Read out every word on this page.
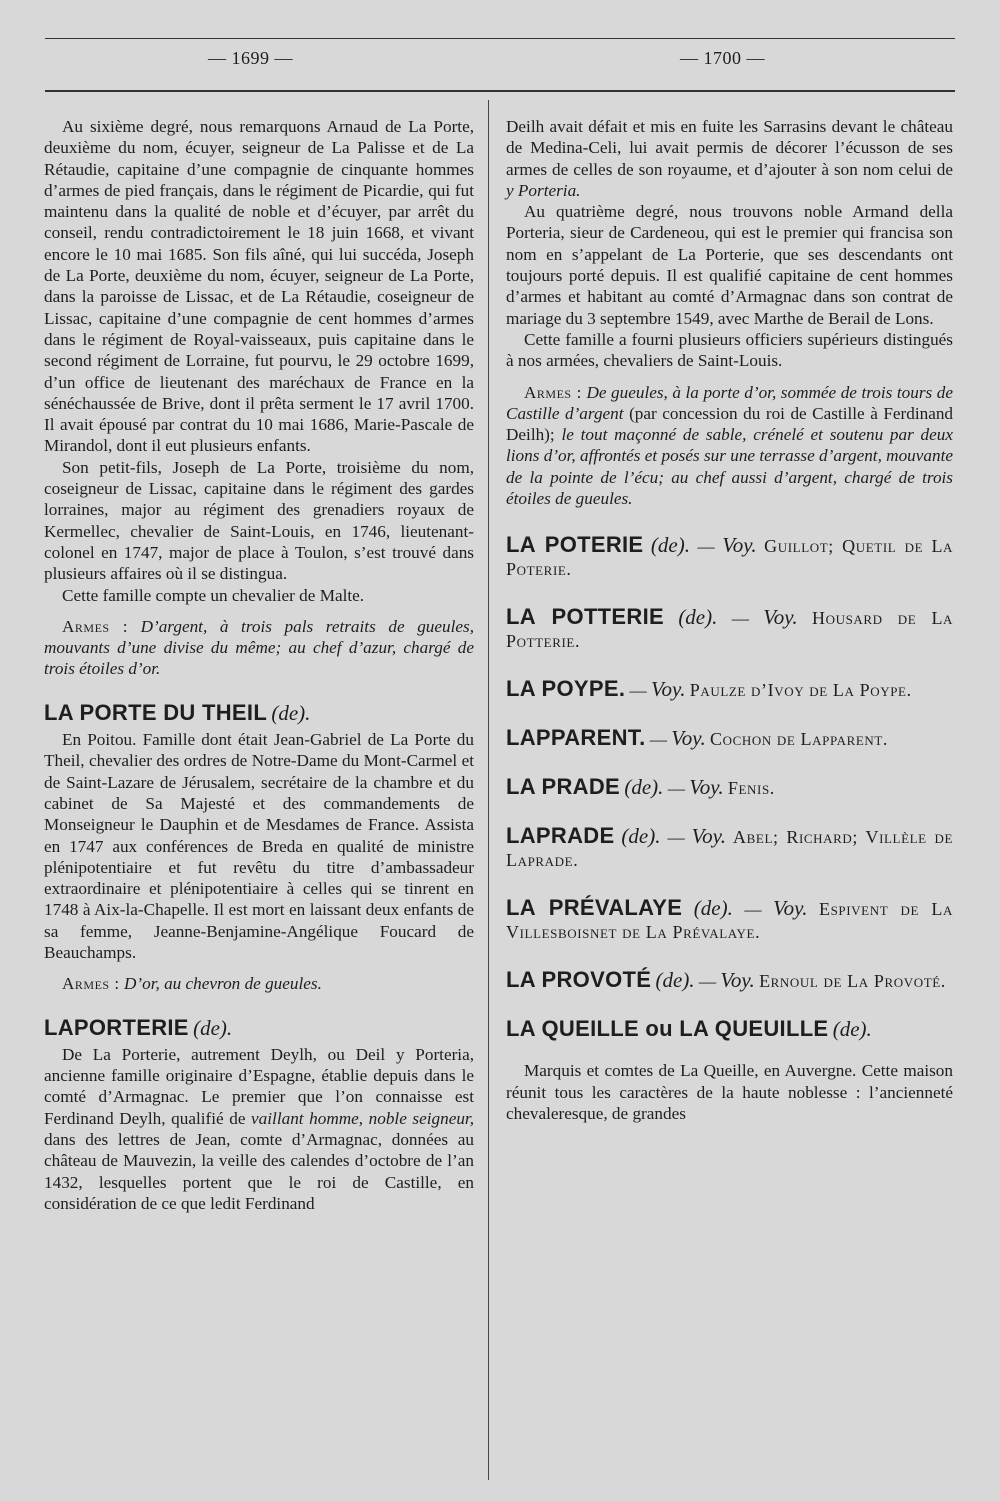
— 1699 —	— 1700 —

Au sixième degré, nous remarquons Arnaud de La Porte, deuxième du nom, écuyer, seigneur de La Palisse et de La Rétaudie, capitaine d’une compagnie de cinquante hommes d’armes de pied français, dans le régiment de Picardie, qui fut maintenu dans la qualité de noble et d’écuyer, par arrêt du conseil, rendu contradictoirement le 18 juin 1668, et vivant encore le 10 mai 1685. Son fils aîné, qui lui succéda, Joseph de La Porte, deuxième du nom, écuyer, seigneur de La Porte, dans la paroisse de Lissac, et de La Rétaudie, coseigneur de Lissac, capitaine d’une compagnie de cent hommes d’armes dans le régiment de Royal-vaisseaux, puis capitaine dans le second régiment de Lorraine, fut pourvu, le 29 octobre 1699, d’un office de lieutenant des maréchaux de France en la sénéchaussée de Brive, dont il prêta serment le 17 avril 1700. Il avait épousé par contrat du 10 mai 1686, Marie-Pascale de Mirandol, dont il eut plusieurs enfants.

Son petit-fils, Joseph de La Porte, troisième du nom, coseigneur de Lissac, capitaine dans le régiment des gardes lorraines, major au régiment des grenadiers royaux de Kermellec, chevalier de Saint-Louis, en 1746, lieutenant-colonel en 1747, major de place à Toulon, s’est trouvé dans plusieurs affaires où il se distingua.

Cette famille compte un chevalier de Malte.

Armes : D’argent, à trois pals retraits de gueules, mouvants d’une divise du même; au chef d’azur, chargé de trois étoiles d’or.

LA PORTE DU THEIL (de).

En Poitou. Famille dont était Jean-Gabriel de La Porte du Theil, chevalier des ordres de Notre-Dame du Mont-Carmel et de Saint-Lazare de Jérusalem, secrétaire de la chambre et du cabinet de Sa Majesté et des commandements de Monseigneur le Dauphin et de Mesdames de France. Assista en 1747 aux conférences de Breda en qualité de ministre plénipotentiaire et fut revêtu du titre d’ambassadeur extraordinaire et plénipotentiaire à celles qui se tinrent en 1748 à Aix-la-Chapelle. Il est mort en laissant deux enfants de sa femme, Jeanne-Benjamine-Angélique Foucard de Beauchamps.

Armes : D’or, au chevron de gueules.

LAPORTERIE (de).

De La Porterie, autrement Deylh, ou Deil y Porteria, ancienne famille originaire d’Espagne, établie depuis dans le comté d’Armagnac. Le premier que l’on connaisse est Ferdinand Deylh, qualifié de vaillant homme, noble seigneur, dans des lettres de Jean, comte d’Armagnac, données au château de Mauvezin, la veille des calendes d’octobre de l’an 1432, lesquelles portent que le roi de Castille, en considération de ce que ledit Ferdinand

Deilh avait défait et mis en fuite les Sarrasins devant le château de Medina-Celi, lui avait permis de décorer l’écusson de ses armes de celles de son royaume, et d’ajouter à son nom celui de y Porteria.

Au quatrième degré, nous trouvons noble Armand della Porteria, sieur de Cardeneou, qui est le premier qui francisa son nom en s’appelant de La Porterie, que ses descendants ont toujours porté depuis. Il est qualifié capitaine de cent hommes d’armes et habitant au comté d’Armagnac dans son contrat de mariage du 3 septembre 1549, avec Marthe de Berail de Lons.

Cette famille a fourni plusieurs officiers supérieurs distingués à nos armées, chevaliers de Saint-Louis.

Armes : De gueules, à la porte d’or, sommée de trois tours de Castille d’argent (par concession du roi de Castille à Ferdinand Deilh); le tout maçonné de sable, crénelé et soutenu par deux lions d’or, affrontés et posés sur une terrasse d’argent, mouvante de la pointe de l’écu; au chef aussi d’argent, chargé de trois étoiles de gueules.

LA POTERIE (de). — Voy. Guillot; Quetil de La Poterie.
LA POTTERIE (de). — Voy. Housard de La Potterie.
LA POYPE. — Voy. Paulze d’Ivoy de La Poype.
LAPPARENT. — Voy. Cochon de Lapparent.
LA PRADE (de). — Voy. Fenis.
LAPRADE (de). — Voy. Abel; Richard; Villèle de Laprade.
LA PRÉVALAYE (de). — Voy. Espivent de La Villesboisnet de La Prévalaye.
LA PROVOTÉ (de). — Voy. Ernoul de La Provoté.
LA QUEILLE ou LA QUEUILLE (de).

Marquis et comtes de La Queille, en Auvergne. Cette maison réunit tous les caractères de la haute noblesse : l’ancienneté chevaleresque, de grandes
